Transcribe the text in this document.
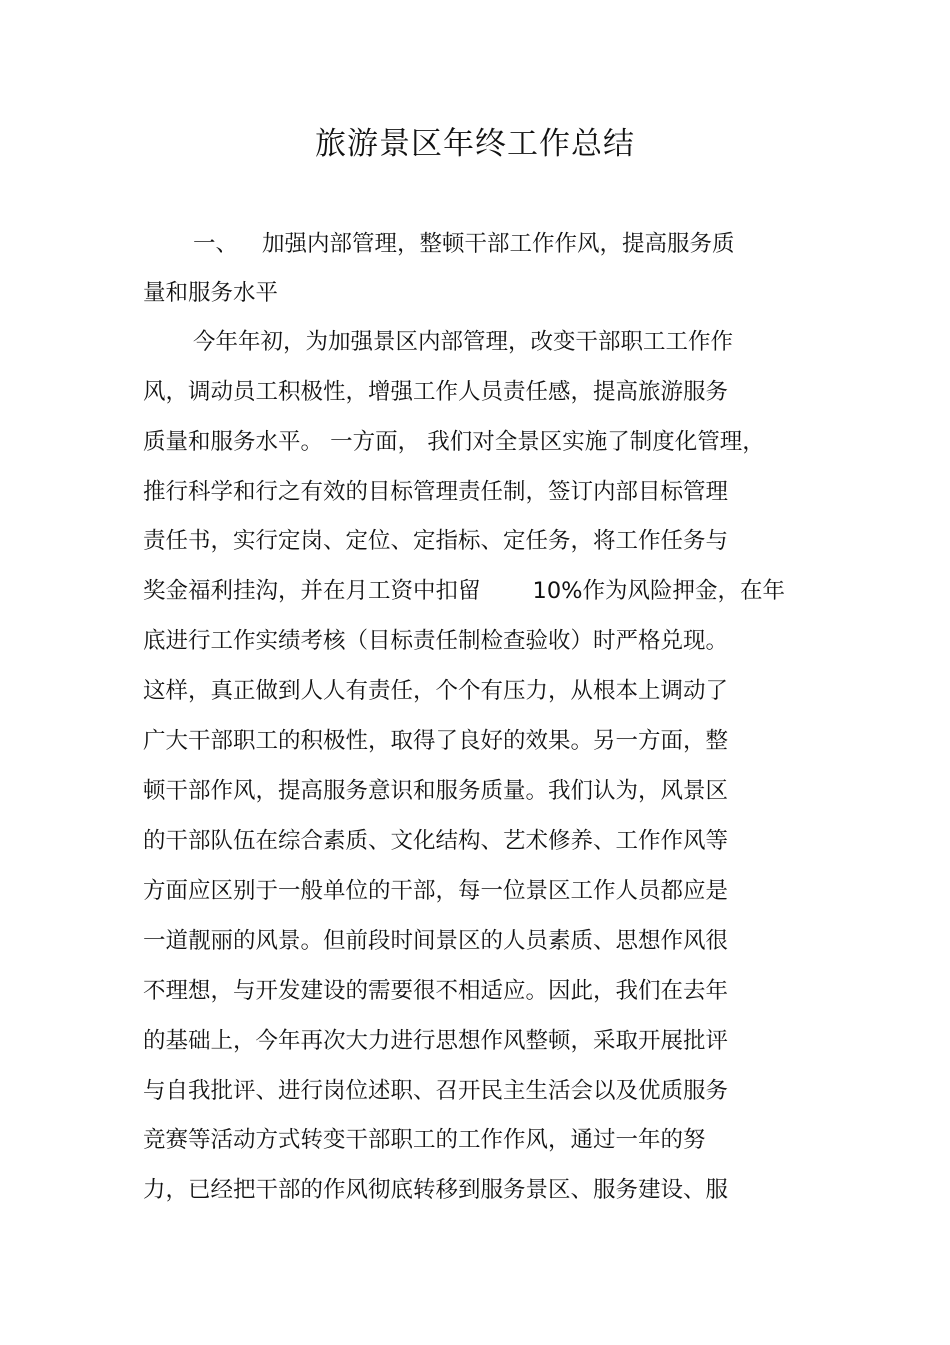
旅游景区年终工作总结

一、 加强内部管理，整顿干部工作作风，提高服务质

量和服务水平

今年年初，为加强景区内部管理，改变干部职工工作作

风，调动员工积极性，增强工作人员责任感，提高旅游服务

质量和服务水平。 一方面， 我们对全景区实施了制度化管理，

推行科学和行之有效的目标管理责任制，签订内部目标管理

责任书，实行定岗、定位、定指标、定任务，将工作任务与

奖金福利挂沟，并在月工资中扣留 10%作为风险押金，在年

底进行工作实绩考核（目标责任制检查验收）时严格兑现。

这样，真正做到人人有责任，个个有压力，从根本上调动了

广大干部职工的积极性，取得了良好的效果。另一方面，整

顿干部作风，提高服务意识和服务质量。我们认为，风景区

的干部队伍在综合素质、文化结构、艺术修养、工作作风等

方面应区别于一般单位的干部，每一位景区工作人员都应是

一道靓丽的风景。但前段时间景区的人员素质、思想作风很

不理想，与开发建设的需要很不相适应。因此，我们在去年

的基础上，今年再次大力进行思想作风整顿，采取开展批评

与自我批评、进行岗位述职、召开民主生活会以及优质服务

竞赛等活动方式转变干部职工的工作作风，通过一年的努

力，已经把干部的作风彻底转移到服务景区、服务建设、服
